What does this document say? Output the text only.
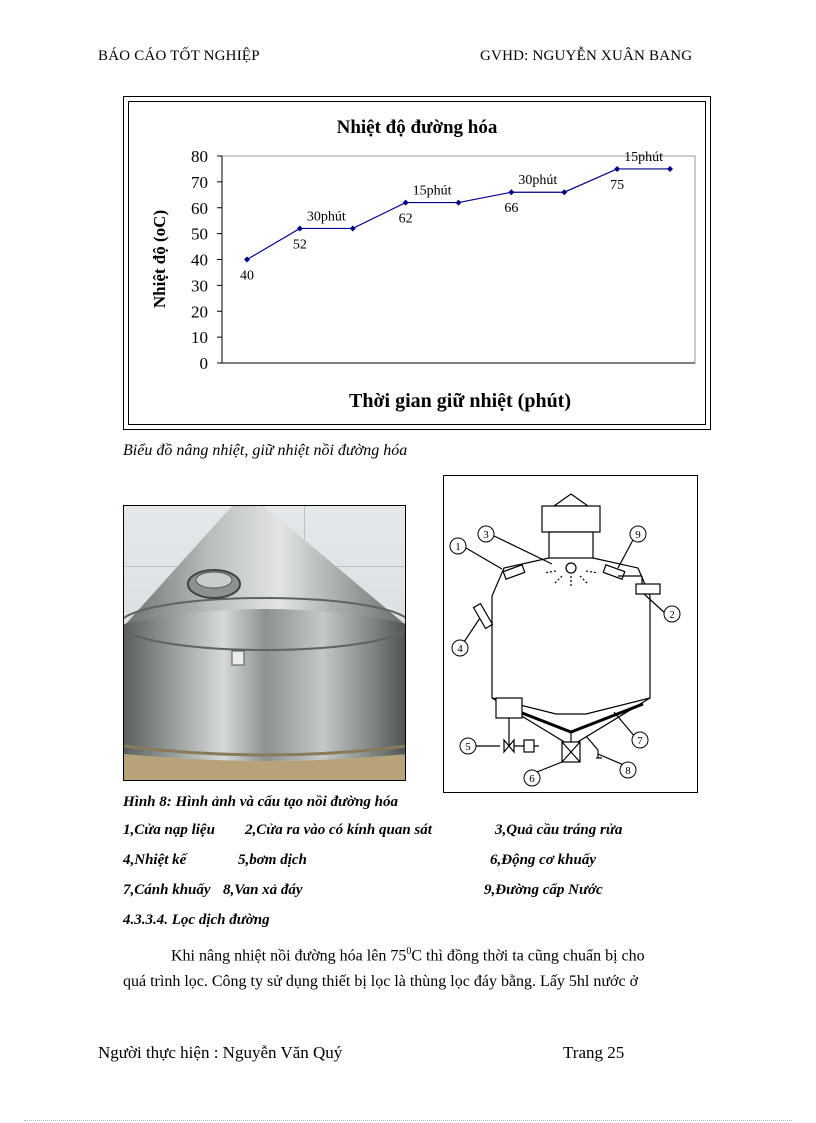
BÁO CÁO TỐT NGHIỆP	GVHD: NGUYỄN XUÂN BANG
Nhiệt độ đường hóa
0
10
20
30
40
50
60
70
80
40
52
62
66
75
30phút
15phút
30phút
15phút
Nhiệt độ (oC)
Thời gian giữ nhiệt (phút)
Biểu đồ nâng nhiệt, giữ nhiệt nồi đường hóa
1
2
3
4
5
6
7
8
9
Hình 8: Hình ảnh và cấu tạo nồi đường hóa
1,Cửa nạp liệu 2,Cửa ra vào có kính quan sát	3,Quả cầu tráng rửa
4,Nhiệt kế	5,bơm dịch	6,Động cơ khuấy
7,Cánh khuấy 8,Van xả đáy	9,Đường cấp Nước
4.3.3.4. Lọc dịch đường
Khi nâng nhiệt nồi đường hóa lên $75^0C$ thì đồng thời ta cũng chuẩn bị cho
quá trình lọc. Công ty sử dụng thiết bị lọc là thùng lọc đáy bằng. Lấy 5hl nước ở
Người thực hiện : Nguyễn Văn Quý	Trang 25
